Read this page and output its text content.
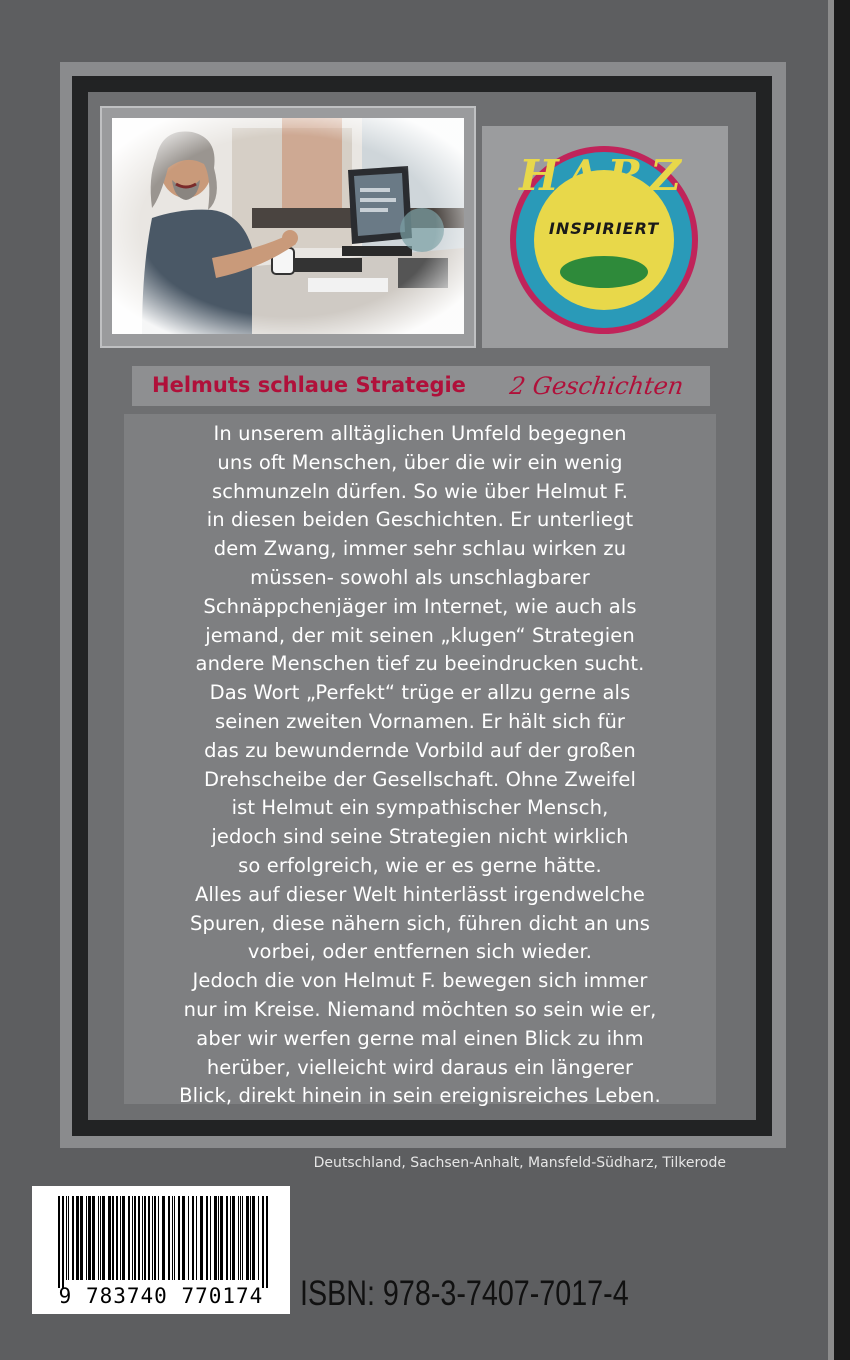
HARZ
INSPIRIERT
Helmuts schlaue Strategie 2 Geschichten
In unserem alltäglichen Umfeld begegnen
uns oft Menschen, über die wir ein wenig
schmunzeln dürfen. So wie über Helmut F.
in diesen beiden Geschichten. Er unterliegt
dem Zwang, immer sehr schlau wirken zu
müssen- sowohl als unschlagbarer
Schnäppchenjäger im Internet, wie auch als
jemand, der mit seinen „klugen“ Strategien
andere Menschen tief zu beeindrucken sucht.
Das Wort „Perfekt“ trüge er allzu gerne als
seinen zweiten Vornamen. Er hält sich für
das zu bewundernde Vorbild auf der großen
Drehscheibe der Gesellschaft. Ohne Zweifel
ist Helmut ein sympathischer Mensch,
jedoch sind seine Strategien nicht wirklich
so erfolgreich, wie er es gerne hätte.
Alles auf dieser Welt hinterlässt irgendwelche
Spuren, diese nähern sich, führen dicht an uns
vorbei, oder entfernen sich wieder.
Jedoch die von Helmut F. bewegen sich immer
nur im Kreise. Niemand möchten so sein wie er,
aber wir werfen gerne mal einen Blick zu ihm
herüber, vielleicht wird daraus ein längerer
Blick, direkt hinein in sein ereignisreiches Leben.
Deutschland, Sachsen-Anhalt, Mansfeld-Südharz, Tilkerode
9 783740 770174	ISBN: 978-3-7407-7017-4
